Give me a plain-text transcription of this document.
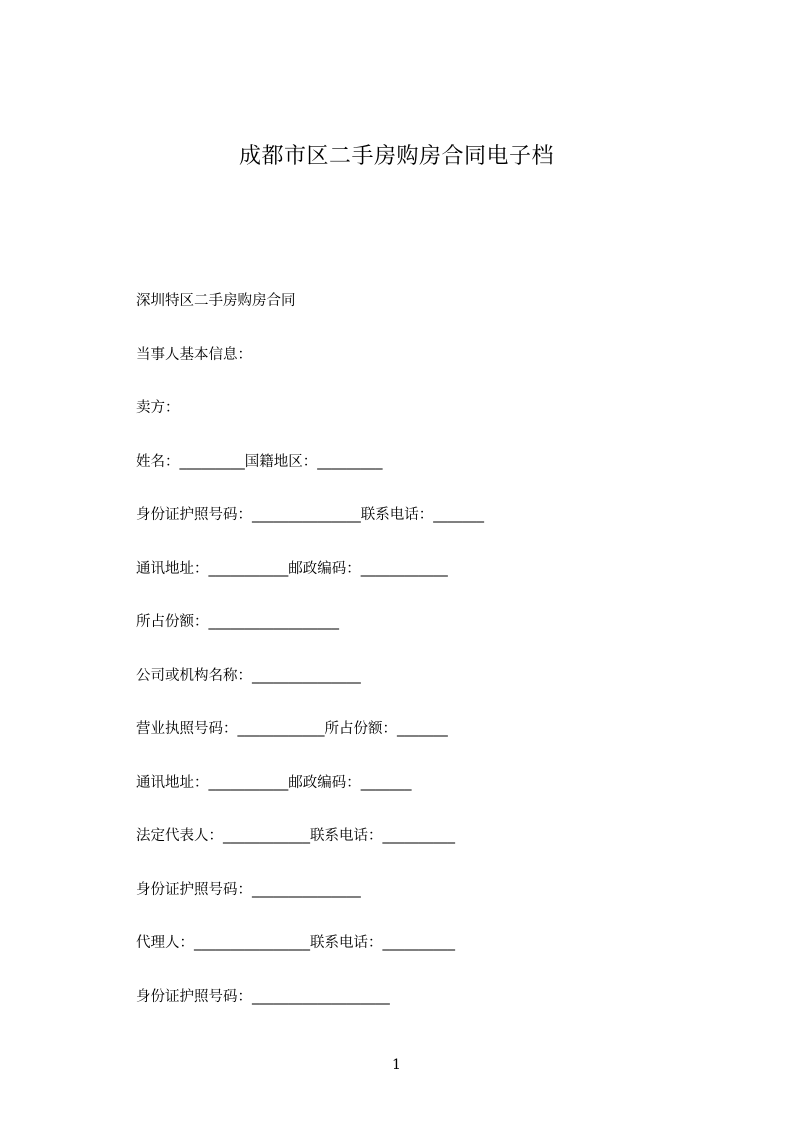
成都市区二手房购房合同电子档
深圳特区二手房购房合同
当事人基本信息：
卖方：
姓名：_________国籍地区：_________
身份证护照号码：_______________联系电话：_______
通讯地址：___________邮政编码：____________
所占份额：__________________
公司或机构名称：_______________
营业执照号码：____________所占份额：_______
通讯地址：___________邮政编码：_______
法定代表人：____________联系电话：__________
身份证护照号码：_______________
代理人：________________联系电话：__________
身份证护照号码：___________________
1
